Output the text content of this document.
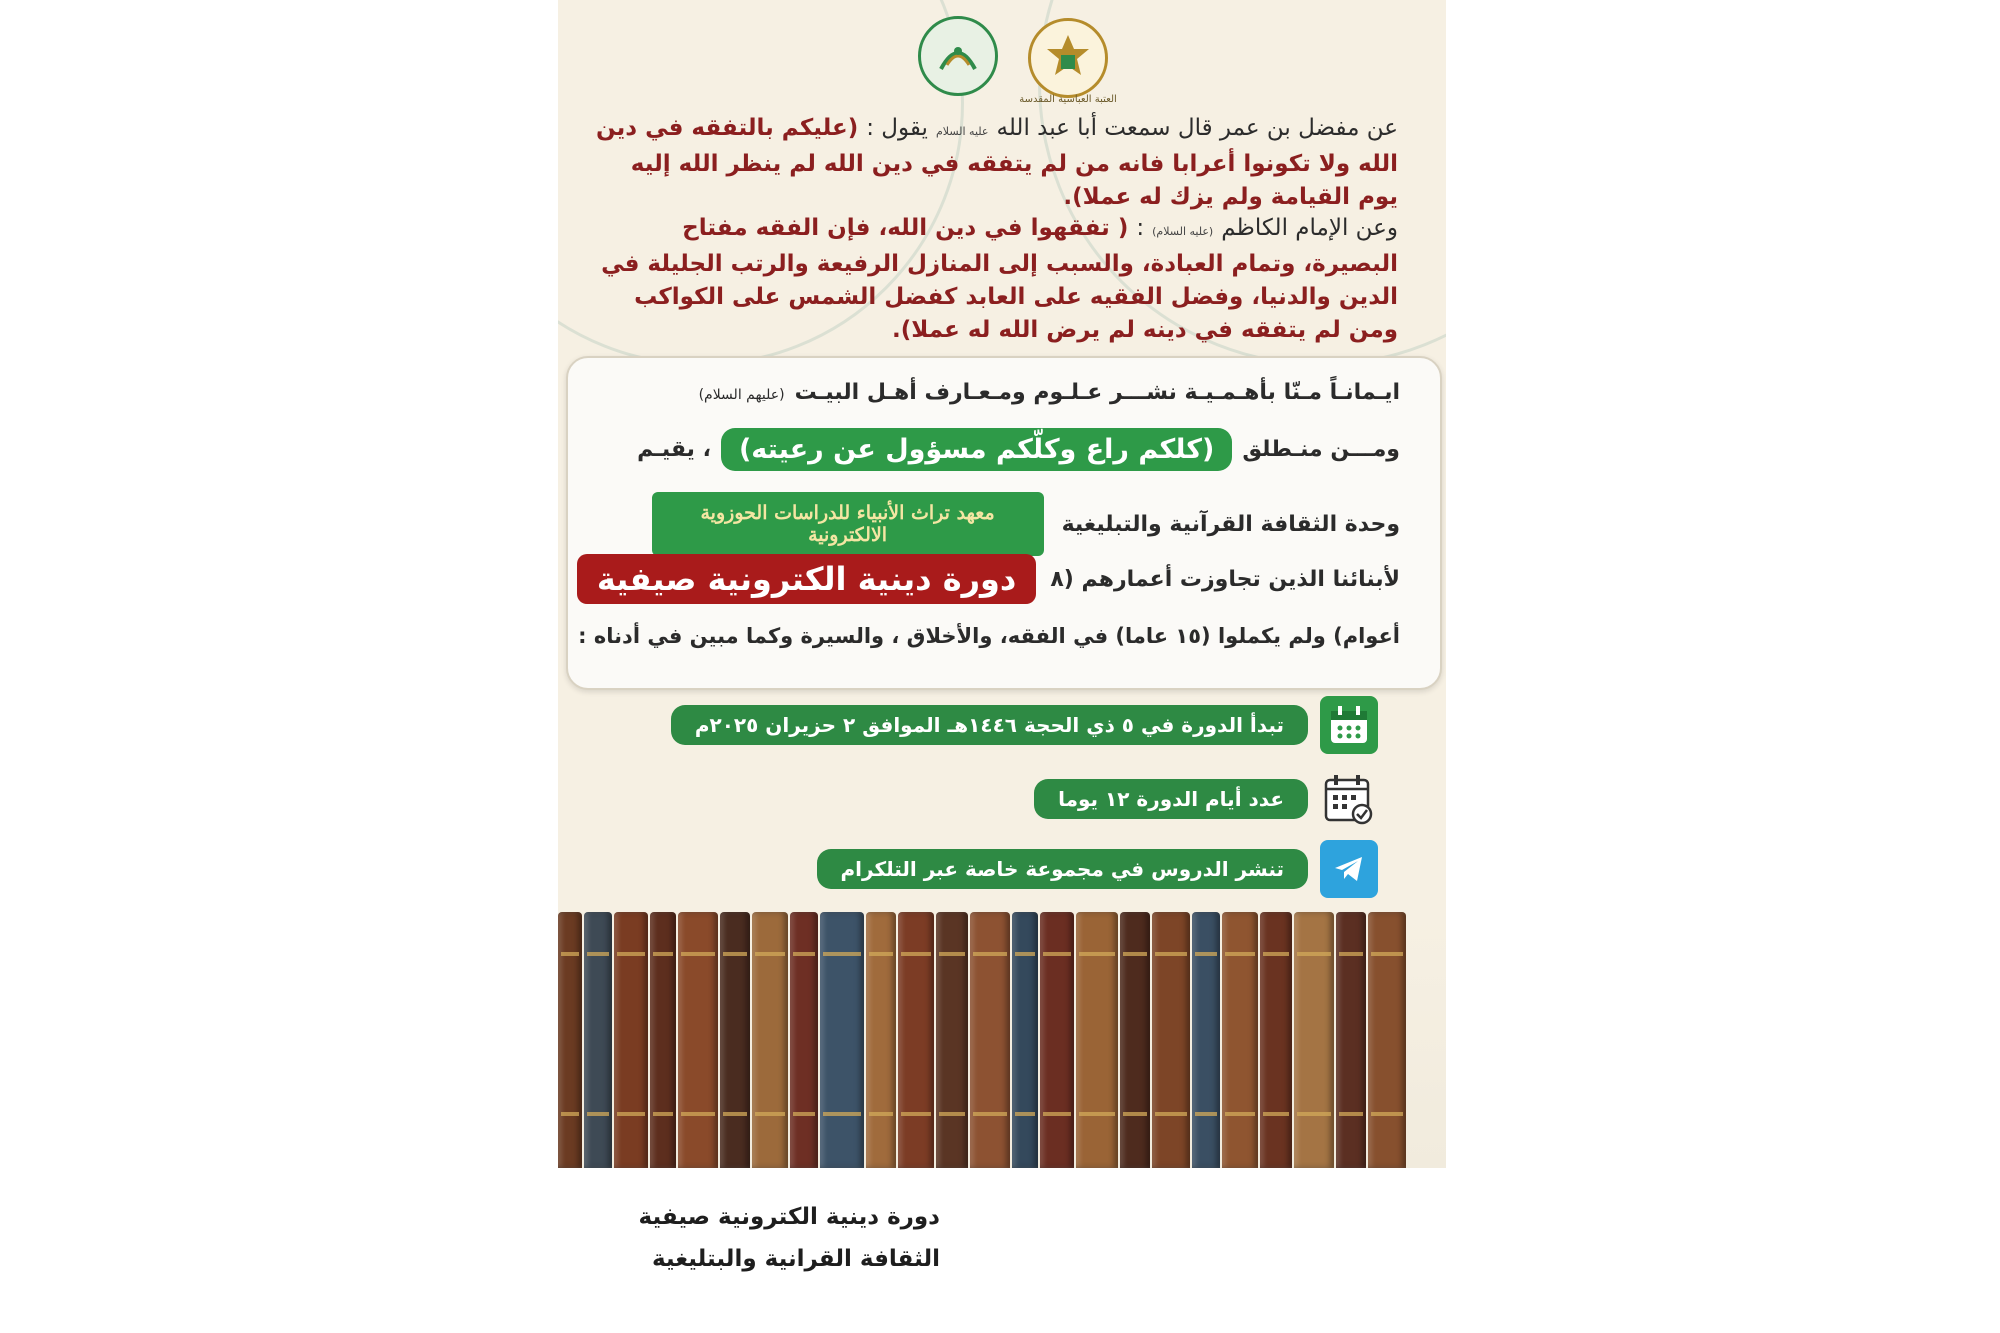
العتبة العباسية المقدسة
عن مفضل بن عمر قال سمعت أبا عبد الله عليه السلام يقول : (عليكم بالتفقه في دين الله ولا تكونوا أعرابا فانه من لم يتفقه في دين الله لم ينظر الله إليه يوم القيامة ولم يزك له عملا).
وعن الإمام الكاظم (عليه السلام) : ( تفقهوا في دين الله، فإن الفقه مفتاح البصيرة، وتمام العبادة، والسبب إلى المنازل الرفيعة والرتب الجليلة في الدين والدنيا، وفضل الفقيه على العابد كفضل الشمس على الكواكب ومن لم يتفقه في دينه لم يرض الله له عملا).
ايـمانـاً مـنّا بأهـمـيـة نشـــر عـلـوم ومـعـارف أهـل البيـت(عليهم السلام)
ومـــن منـطلق
(كلكم راع وكلّكم مسؤول عن رعيته)
، يقيـم
وحدة الثقافة القرآنية والتبليغية
معهد تراث الأنبياء للدراسات الحوزوية الالكترونية
لأبنائنا الذين تجاوزت أعمارهم (٨
دورة دينية الكترونية صيفية
أعوام) ولم يكملوا (١٥ عاما) في الفقه، والأخلاق ، والسيرة وكما مبين في أدناه :
تبدأ الدورة في ٥ ذي الحجة ١٤٤٦هـ الموافق ٢ حزيران ٢٠٢٥م
عدد أيام الدورة ١٢ يوما
تنشر الدروس في مجموعة خاصة عبر التلكرام
دورة دينية الكترونية صيفية
الثقافة القرانية والبتليغية
